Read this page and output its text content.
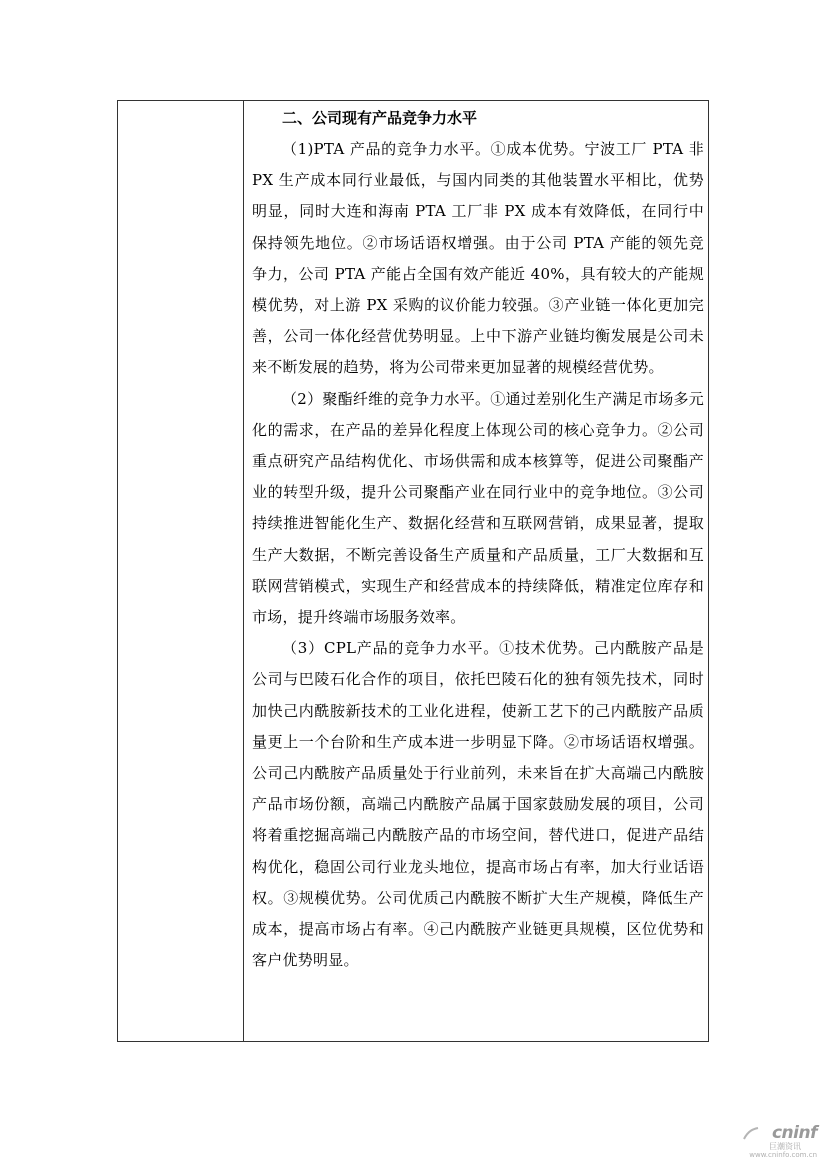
二、公司现有产品竞争力水平

（1)PTA 产品的竞争力水平。①成本优势。宁波工厂 PTA 非 PX 生产成本同行业最低，与国内同类的其他装置水平相比，优势明显，同时大连和海南 PTA 工厂非 PX 成本有效降低，在同行中保持领先地位。②市场话语权增强。由于公司 PTA 产能的领先竞争力，公司 PTA 产能占全国有效产能近 40%，具有较大的产能规模优势，对上游 PX 采购的议价能力较强。③产业链一体化更加完善，公司一体化经营优势明显。上中下游产业链均衡发展是公司未来不断发展的趋势，将为公司带来更加显著的规模经营优势。

（2）聚酯纤维的竞争力水平。①通过差别化生产满足市场多元化的需求，在产品的差异化程度上体现公司的核心竞争力。②公司重点研究产品结构优化、市场供需和成本核算等，促进公司聚酯产业的转型升级，提升公司聚酯产业在同行业中的竞争地位。③公司持续推进智能化生产、数据化经营和互联网营销，成果显著，提取生产大数据，不断完善设备生产质量和产品质量，工厂大数据和互联网营销模式，实现生产和经营成本的持续降低，精准定位库存和市场，提升终端市场服务效率。

（3）CPL产品的竞争力水平。①技术优势。己内酰胺产品是公司与巴陵石化合作的项目，依托巴陵石化的独有领先技术，同时加快己内酰胺新技术的工业化进程，使新工艺下的己内酰胺产品质量更上一个台阶和生产成本进一步明显下降。②市场话语权增强。公司己内酰胺产品质量处于行业前列，未来旨在扩大高端己内酰胺产品市场份额，高端己内酰胺产品属于国家鼓励发展的项目，公司将着重挖掘高端己内酰胺产品的市场空间，替代进口，促进产品结构优化，稳固公司行业龙头地位，提高市场占有率，加大行业话语权。③规模优势。公司优质己内酰胺不断扩大生产规模，降低生产成本，提高市场占有率。④己内酰胺产业链更具规模，区位优势和客户优势明显。

cninf
巨潮资讯
www.cninfo.com.cn
